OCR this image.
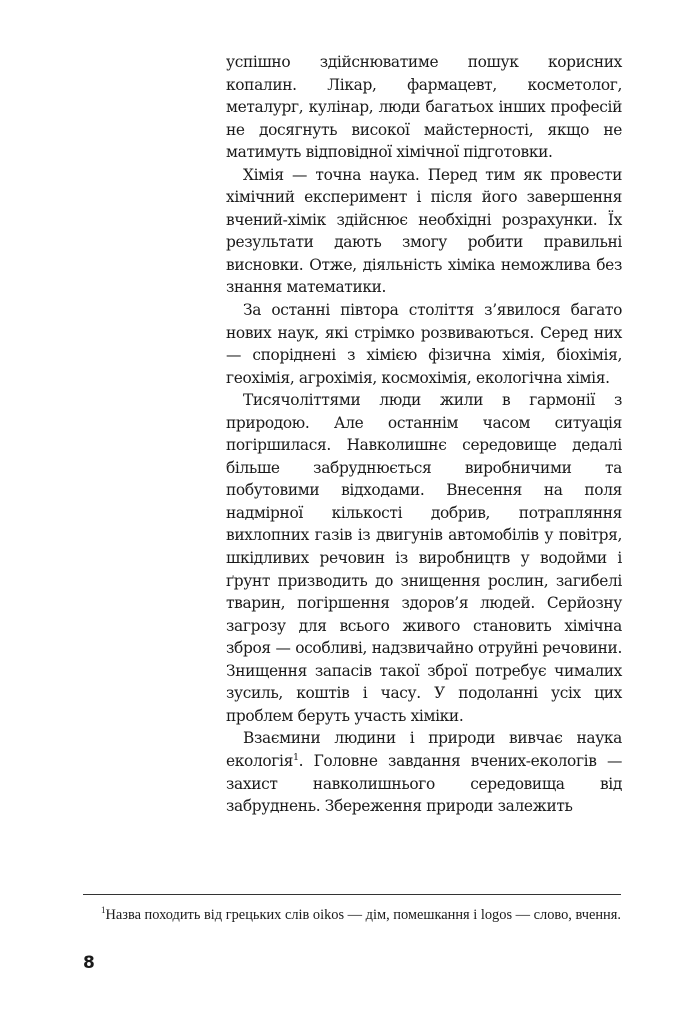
успішно здійснюватиме пошук корисних копалин. Лікар, фармацевт, косметолог, металург, кулінар, люди багатьох інших професій не досягнуть високої майстерності, якщо не матимуть відповідної хімічної підготовки.

Хімія — точна наука. Перед тим як провести хімічний експеримент і після його завершення вчений-хімік здійснює необхідні розрахунки. Їх результати дають змогу робити правильні висновки. Отже, діяльність хіміка неможлива без знання математики.

За останні півтора століття з’явилося багато нових наук, які стрімко розвиваються. Серед них — споріднені з хімією фізична хімія, біохімія, геохімія, агрохімія, космохімія, екологічна хімія.

Тисячоліттями люди жили в гармонії з природою. Але останнім часом ситуація погіршилася. Навколишнє середовище дедалі більше забруднюється виробничими та побутовими відходами. Внесення на поля надмірної кількості добрив, потрапляння вихлопних газів із двигунів автомобілів у повітря, шкідливих речовин із виробництв у водойми і ґрунт призводить до знищення рослин, загибелі тварин, погіршення здоров’я людей. Серйозну загрозу для всього живого становить хімічна зброя — особливі, надзвичайно отруйні речовини. Знищення запасів такої зброї потребує чималих зусиль, коштів і часу. У подоланні усіх цих проблем беруть участь хіміки.

Взаємини людини і природи вивчає наука екологія$^1$. Головне завдання вчених-екологів — захист навколишнього середовища від забруднень. Збереження природи залежить

$^1$Назва походить від грецьких слів oikos — дім, помешкання і logos — слово, вчення.

8
